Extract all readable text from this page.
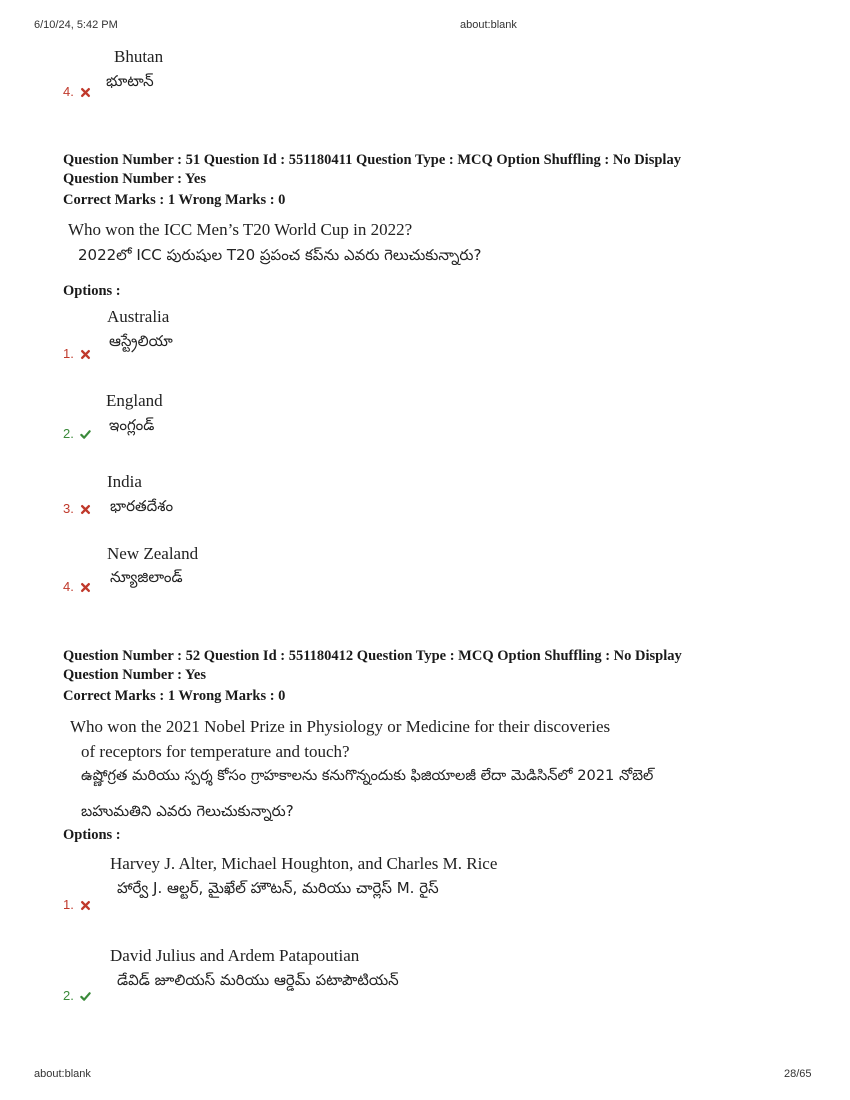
6/10/24, 5:42 PM	about:blank
about:blank	28/65
Bhutan
భూటాన్
4.
Question Number : 51 Question Id : 551180411 Question Type : MCQ Option Shuffling : No Display
Question Number : Yes
Correct Marks : 1 Wrong Marks : 0
Who won the ICC Men’s T20 World Cup in 2022?
2022లో ICC పురుషుల T20 ప్రపంచ కప్‌ను ఎవరు గెలుచుకున్నారు?
Options :
Australia
ఆస్ట్రేలియా
1.
England
ఇంగ్లండ్
2.
India
భారతదేశం
3.
New Zealand
న్యూజిలాండ్
4.
Question Number : 52 Question Id : 551180412 Question Type : MCQ Option Shuffling : No Display
Question Number : Yes
Correct Marks : 1 Wrong Marks : 0
Who won the 2021 Nobel Prize in Physiology or Medicine for their discoveries
of receptors for temperature and touch?
ఉష్ణోగ్రత మరియు స్పర్శ కోసం గ్రాహకాలను కనుగొన్నందుకు ఫిజియాలజీ లేదా మెడిసిన్‌లో 2021 నోబెల్
బహుమతిని ఎవరు గెలుచుకున్నారు?
Options :
Harvey J. Alter, Michael Houghton, and Charles M. Rice
హార్వే J. ఆల్టర్, మైఖేల్ హౌటన్, మరియు చార్లెస్ M. రైస్
1.
David Julius and Ardem Patapoutian
డేవిడ్ జూలియస్ మరియు ఆర్డెమ్ పటాపౌటియన్
2.
